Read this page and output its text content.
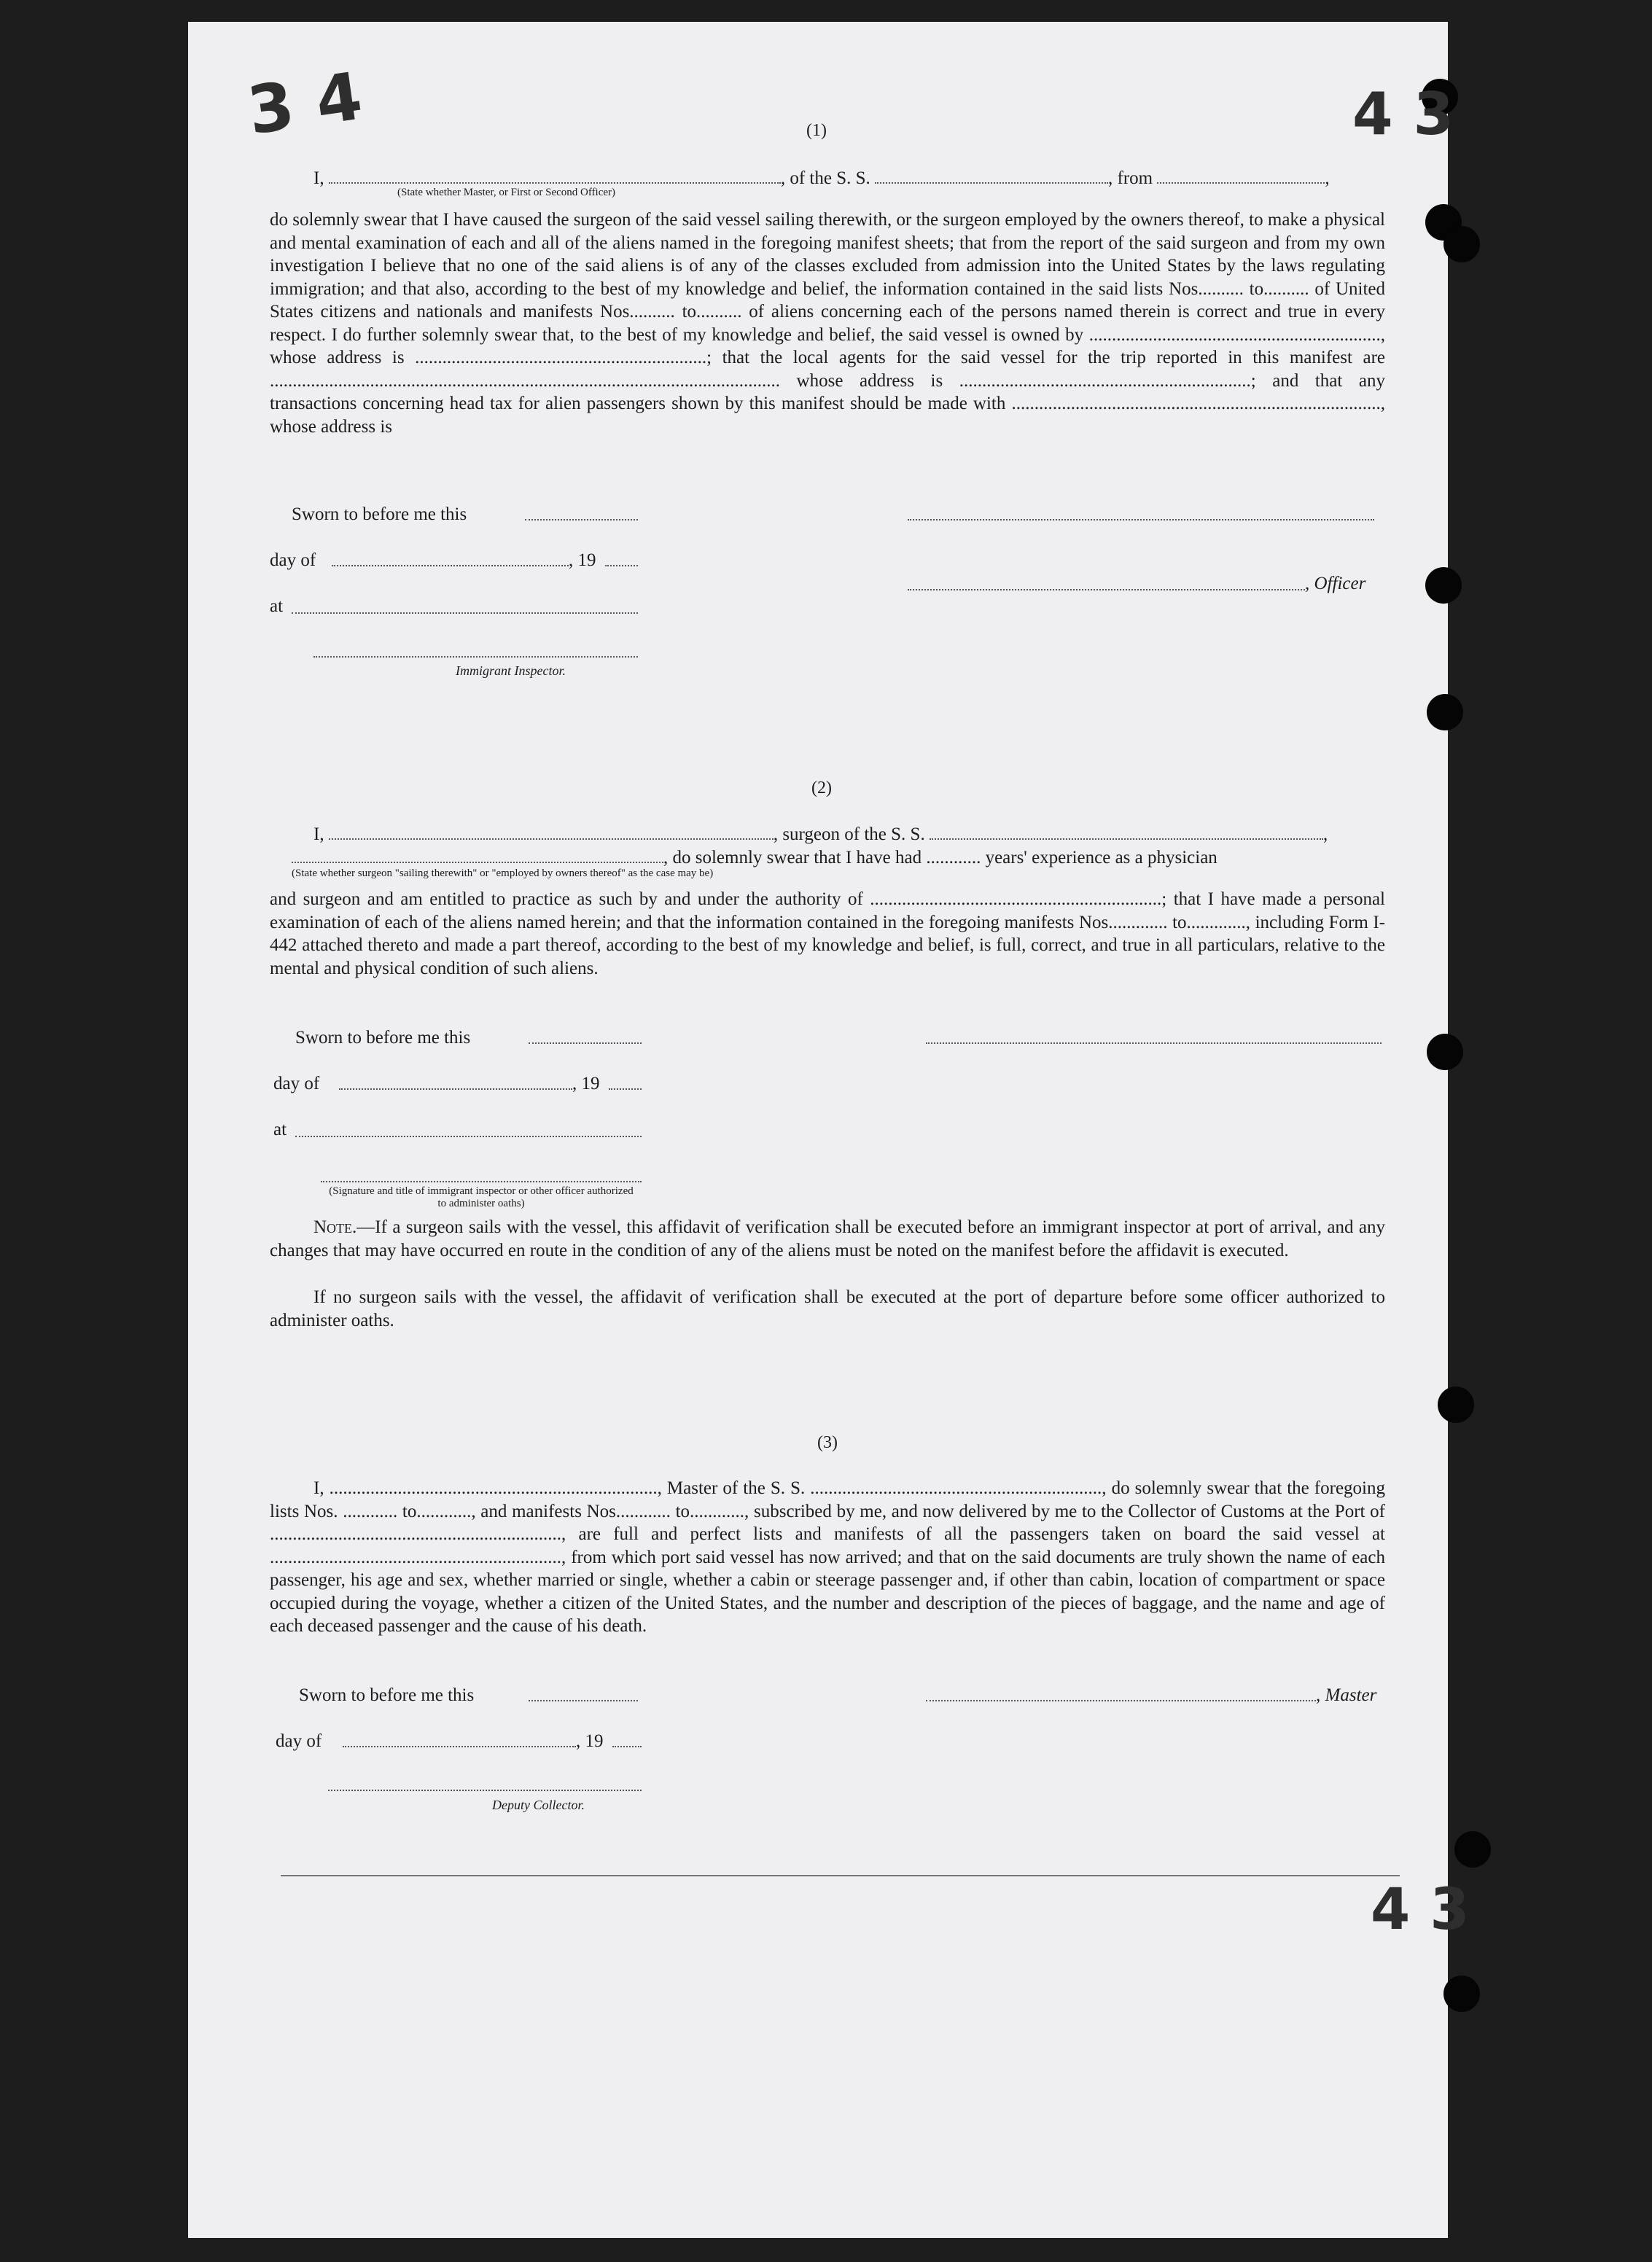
3 4	4 3
4 3
(1)
I,	, of the S. S.	, from	,
(State whether Master, or First or Second Officer)
do solemnly swear that I have caused the surgeon of the said vessel sailing therewith, or the surgeon employed by the owners thereof, to make a physical and mental examination of each and all of the aliens named in the foregoing manifest sheets; that from the report of the said surgeon and from my own investigation I believe that no one of the said aliens is of any of the classes excluded from admission into the United States by the laws regulating immigration; and that also, according to the best of my knowledge and belief, the information contained in the said lists Nos.......... to.......... of United States citizens and nationals and manifests Nos.......... to.......... of aliens concerning each of the persons named therein is correct and true in every respect. I do further solemnly swear that, to the best of my knowledge and belief, the said vessel is owned by ................................................................, whose address is ................................................................; that the local agents for the said vessel for the trip reported in this manifest are ................................................................................................................ whose address is ................................................................; and that any transactions concerning head tax for alien passengers shown by this manifest should be made with ................................................................................., whose address is
Sworn to before me this
day of	, 19
, Officer
at
Immigrant Inspector.
(2)
I,	, surgeon of the S. S.	,
, do solemnly swear that I have had ............ years' experience as a physician
(State whether surgeon "sailing therewith" or "employed by owners thereof" as the case may be)
and surgeon and am entitled to practice as such by and under the authority of ................................................................; that I have made a personal examination of each of the aliens named herein; and that the information contained in the foregoing manifests Nos............. to............., including Form I-442 attached thereto and made a part thereof, according to the best of my knowledge and belief, is full, correct, and true in all particulars, relative to the mental and physical condition of such aliens.
Sworn to before me this
day of	, 19
at
(Signature and title of immigrant inspector or other officer authorized to administer oaths)
Note.—If a surgeon sails with the vessel, this affidavit of verification shall be executed before an immigrant inspector at port of arrival, and any changes that may have occurred en route in the condition of any of the aliens must be noted on the manifest before the affidavit is executed.
If no surgeon sails with the vessel, the affidavit of verification shall be executed at the port of departure before some officer authorized to administer oaths.
(3)
I, ........................................................................, Master of the S. S. ................................................................, do solemnly swear that the foregoing lists Nos. ............ to............, and manifests Nos............ to............, subscribed by me, and now delivered by me to the Collector of Customs at the Port of ................................................................, are full and perfect lists and manifests of all the passengers taken on board the said vessel at ................................................................, from which port said vessel has now arrived; and that on the said documents are truly shown the name of each passenger, his age and sex, whether married or single, whether a cabin or steerage passenger and, if other than cabin, location of compartment or space occupied during the voyage, whether a citizen of the United States, and the number and description of the pieces of baggage, and the name and age of each deceased passenger and the cause of his death.
Sworn to before me this	, Master
day of	, 19
Deputy Collector.
